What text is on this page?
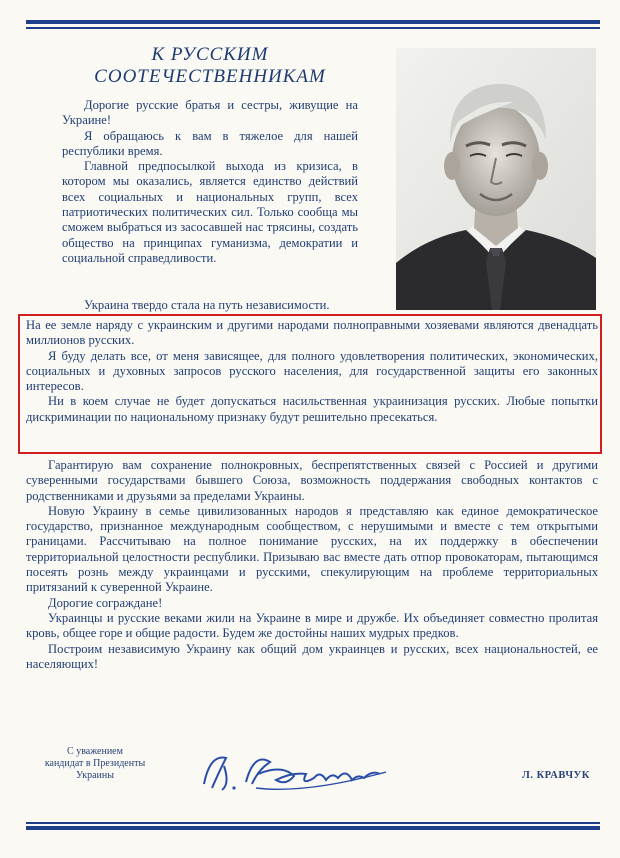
К РУССКИМ
СООТЕЧЕСТВЕННИКАМ

Дорогие русские братья и сестры, живущие на Украине!

Я обращаюсь к вам в тяжелое для нашей республики время.

Главной предпосылкой выхода из кризиса, в котором мы оказались, является единство действий всех социальных и национальных групп, всех патриотических политических сил. Только сообща мы сможем выбраться из засосавшей нас трясины, создать общество на принципах гуманизма, демократии и социальной справедливости.

Украина твердо стала на путь независимости.

На ее земле наряду с украинским и другими народами полноправными хозяевами являются двенадцать миллионов русских.

Я буду делать все, от меня зависящее, для полного удовлетворения политических, экономических, социальных и духовных запросов русского населения, для государственной защиты его законных интересов.

Ни в коем случае не будет допускаться насильственная украинизация русских. Любые попытки дискриминации по национальному признаку будут решительно пресекаться.

Гарантирую вам сохранение полнокровных, беспрепятственных связей с Россией и другими суверенными государствами бывшего Союза, возможность поддержания свободных контактов с родственниками и друзьями за пределами Украины.

Новую Украину в семье цивилизованных народов я представляю как единое демократическое государство, признанное международным сообществом, с нерушимыми и вместе с тем открытыми границами. Рассчитываю на полное понимание русских, на их поддержку в обеспечении территориальной целостности республики. Призываю вас вместе дать отпор провокаторам, пытающимся посеять рознь между украинцами и русскими, спекулирующим на проблеме территориальных притязаний к суверенной Украине.

Дорогие сограждане!

Украинцы и русские веками жили на Украине в мире и дружбе. Их объединяет совместно пролитая кровь, общее горе и общие радости. Будем же достойны наших мудрых предков.

Построим независимую Украину как общий дом украинцев и русских, всех национальностей, ее населяющих!

С уважением
кандидат в Президенты
Украины	Л. КРАВЧУК
